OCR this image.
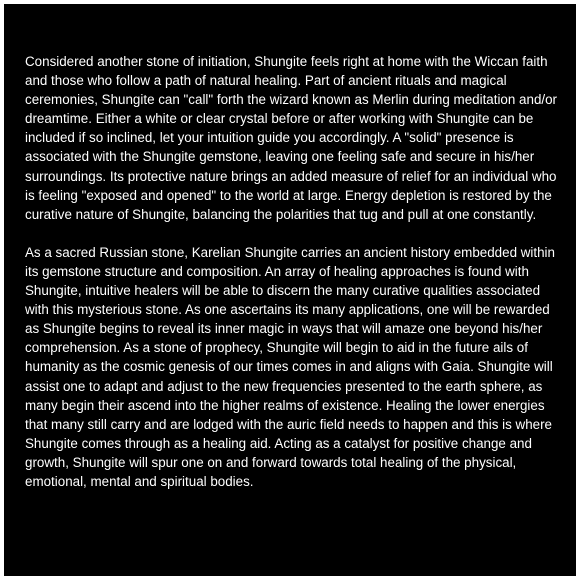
Considered another stone of initiation, Shungite feels right at home with the Wiccan faith and those who follow a path of natural healing. Part of ancient rituals and magical ceremonies, Shungite can "call" forth the wizard known as Merlin during meditation and/or dreamtime. Either a white or clear crystal before or after working with Shungite can be included if so inclined, let your intuition guide you accordingly. A "solid" presence is associated with the Shungite gemstone, leaving one feeling safe and secure in his/her surroundings. Its protective nature brings an added measure of relief for an individual who is feeling "exposed and opened" to the world at large. Energy depletion is restored by the curative nature of Shungite, balancing the polarities that tug and pull at one constantly.

As a sacred Russian stone, Karelian Shungite carries an ancient history embedded within its gemstone structure and composition. An array of healing approaches is found with Shungite, intuitive healers will be able to discern the many curative qualities associated with this mysterious stone. As one ascertains its many applications, one will be rewarded as Shungite begins to reveal its inner magic in ways that will amaze one beyond his/her comprehension. As a stone of prophecy, Shungite will begin to aid in the future ails of humanity as the cosmic genesis of our times comes in and aligns with Gaia. Shungite will assist one to adapt and adjust to the new frequencies presented to the earth sphere, as many begin their ascend into the higher realms of existence. Healing the lower energies that many still carry and are lodged with the auric field needs to happen and this is where Shungite comes through as a healing aid. Acting as a catalyst for positive change and growth, Shungite will spur one on and forward towards total healing of the physical, emotional, mental and spiritual bodies.
